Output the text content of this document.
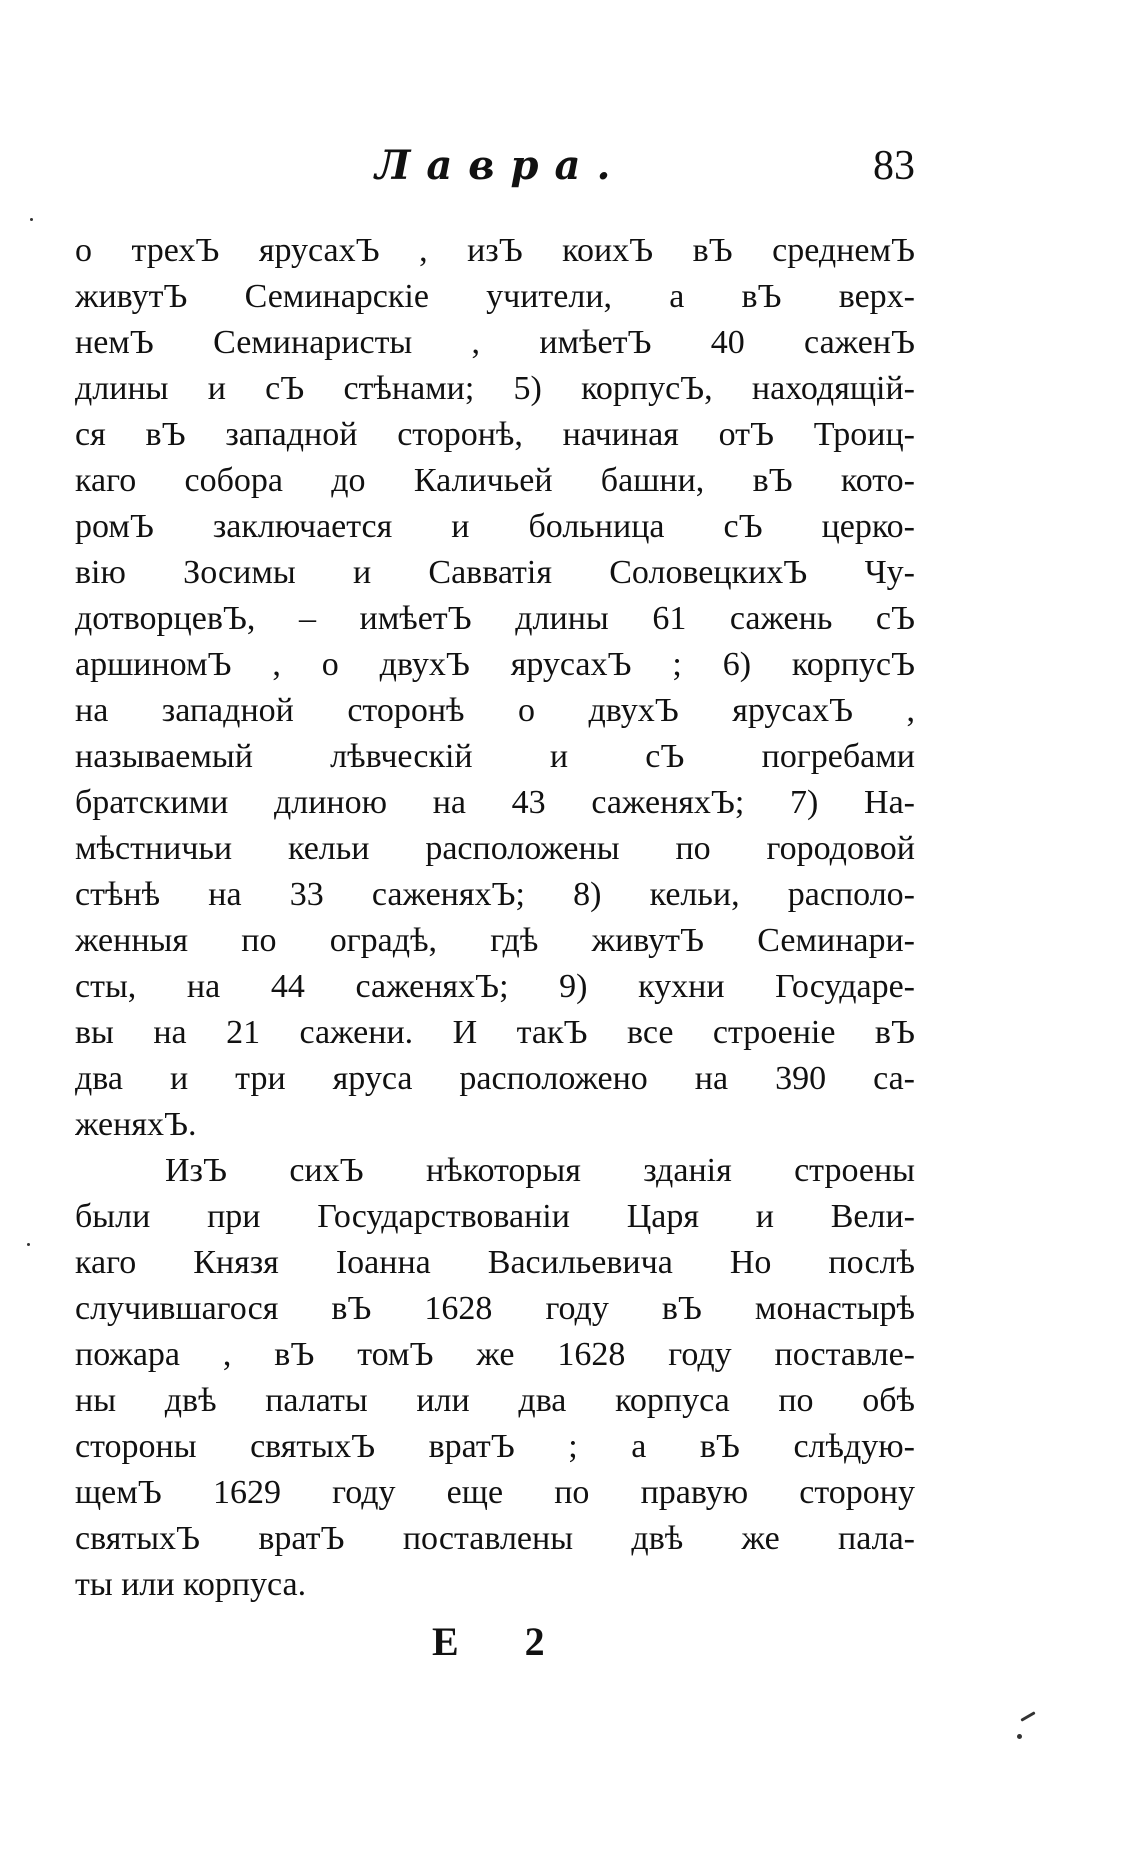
Лавра.	83
о трехЪ ярусахЪ , изЪ коихЪ вЪ среднемЪ
живутЪ Семинарскіе учители, а вЪ верх-
немЪ Семинаристы , имѣетЪ 40 саженЪ
длины и сЪ стѣнами; 5) корпусЪ, находящій-
ся вЪ западной сторонѣ, начиная отЪ Троиц-
каго собора до Каличьей башни, вЪ кото-
ромЪ заключается и больница сЪ церко-
вію Зосимы и Савватія СоловецкихЪ Чу-
дотворцевЪ, – имѣетЪ длины 61 сажень сЪ
аршиномЪ , о двухЪ ярусахЪ ; 6) корпусЪ
на западной сторонѣ о двухЪ ярусахЪ ,
называемый лѣвческій и сЪ погребами
братскими длиною на 43 саженяхЪ; 7) На-
мѣстничьи кельи расположены по городовой
стѣнѣ на 33 саженяхЪ; 8) кельи, располо-
женныя по оградѣ, гдѣ живутЪ Семинари-
сты, на 44 саженяхЪ; 9) кухни Государе-
вы на 21 сажени. И такЪ все строеніе вЪ
два и три яруса расположено на 390 са-
женяхЪ.
ИзЪ сихЪ нѣкоторыя зданія строены
были при Государствованіи Царя и Вели-
каго Князя Іоанна Васильевича Но послѣ
случившагося вЪ 1628 году вЪ монастырѣ
пожара , вЪ томЪ же 1628 году поставле-
ны двѣ палаты или два корпуса по обѣ
стороны святыхЪ вратЪ ; а вЪ слѣдую-
щемЪ 1629 году еще по правую сторону
святыхЪ вратЪ поставлены двѣ же пала-
ты или корпуса.
Е 2
